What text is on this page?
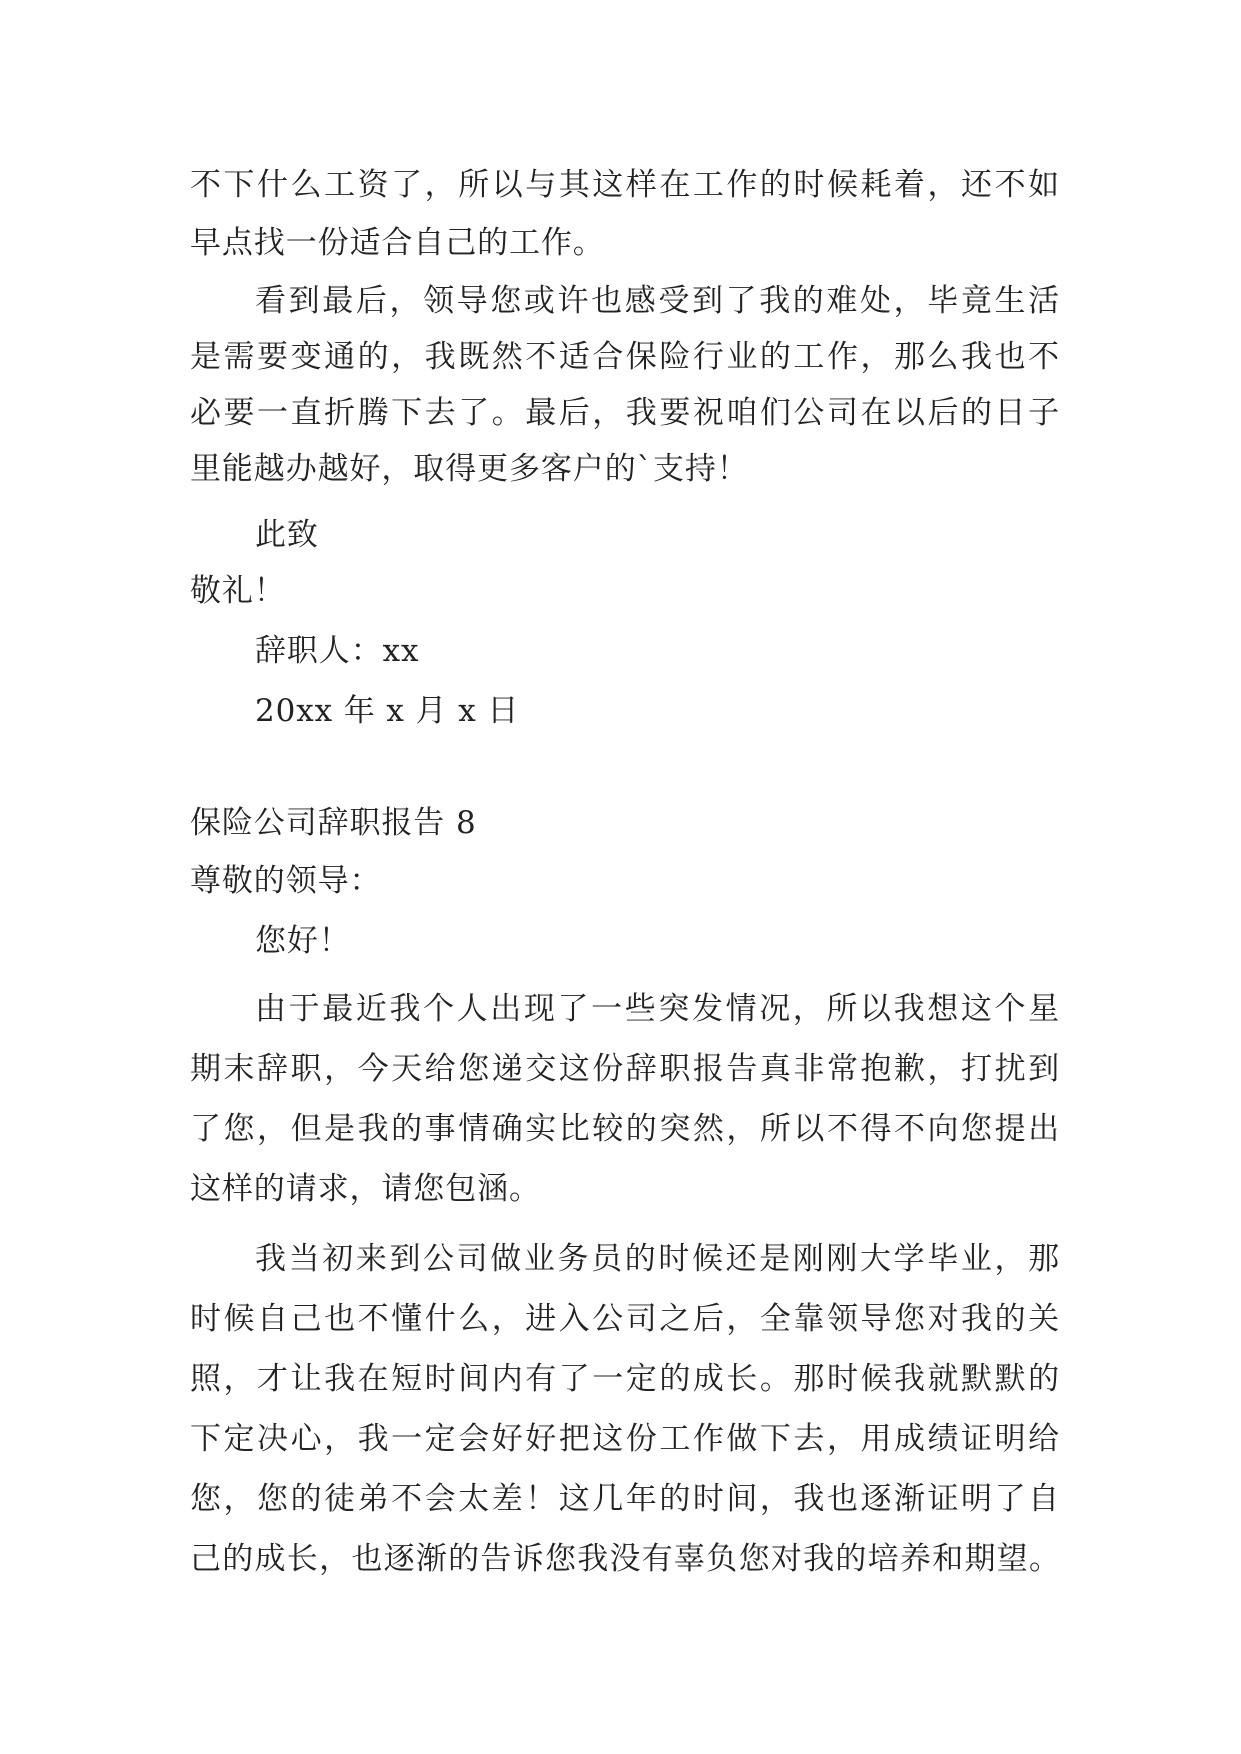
不下什么工资了，所以与其这样在工作的时候耗着，还不如
早点找一份适合自己的工作。
看到最后，领导您或许也感受到了我的难处，毕竟生活
是需要变通的，我既然不适合保险行业的工作，那么我也不
必要一直折腾下去了。最后，我要祝咱们公司在以后的日子
里能越办越好，取得更多客户的`支持！
此致
敬礼！
辞职人：xx
20xx 年 x 月 x 日
保险公司辞职报告 8
尊敬的领导：
您好！
由于最近我个人出现了一些突发情况，所以我想这个星
期末辞职，今天给您递交这份辞职报告真非常抱歉，打扰到
了您，但是我的事情确实比较的突然，所以不得不向您提出
这样的请求，请您包涵。
我当初来到公司做业务员的时候还是刚刚大学毕业，那
时候自己也不懂什么，进入公司之后，全靠领导您对我的关
照，才让我在短时间内有了一定的成长。那时候我就默默的
下定决心，我一定会好好把这份工作做下去，用成绩证明给
您，您的徒弟不会太差！这几年的时间，我也逐渐证明了自
己的成长，也逐渐的告诉您我没有辜负您对我的培养和期望。
